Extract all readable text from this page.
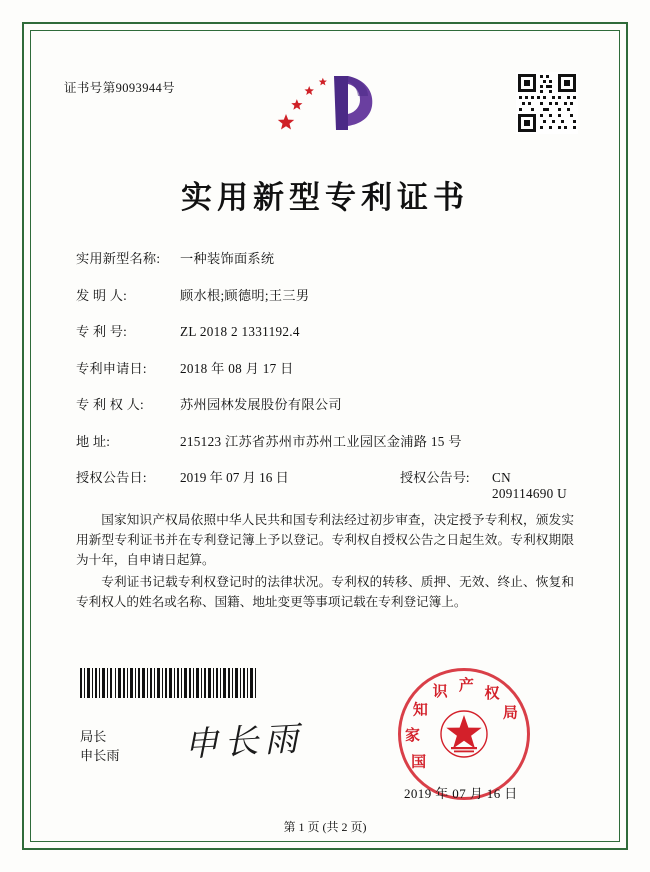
证书号第9093944号
实用新型专利证书
实用新型名称:	一种装饰面系统
发 明 人:	顾水根;顾德明;王三男
专 利 号:	ZL 2018 2 1331192.4
专利申请日:	2018 年 08 月 17 日
专 利 权 人:	苏州园林发展股份有限公司
地 址:	215123 江苏省苏州市苏州工业园区金浦路 15 号
授权公告日:	2019 年 07 月 16 日	授权公告号:	CN 209114690 U

国家知识产权局依照中华人民共和国专利法经过初步审查，决定授予专利权，颁发实用新型专利证书并在专利登记簿上予以登记。专利权自授权公告之日起生效。专利权期限为十年，自申请日起算。

专利证书记载专利权登记时的法律状况。专利权的转移、质押、无效、终止、恢复和专利权人的姓名或名称、国籍、地址变更等事项记载在专利登记簿上。

局长
申长雨 申长雨	国
家
知
识 产 权
局
2019 年 07 月 16 日
第 1 页 (共 2 页)
